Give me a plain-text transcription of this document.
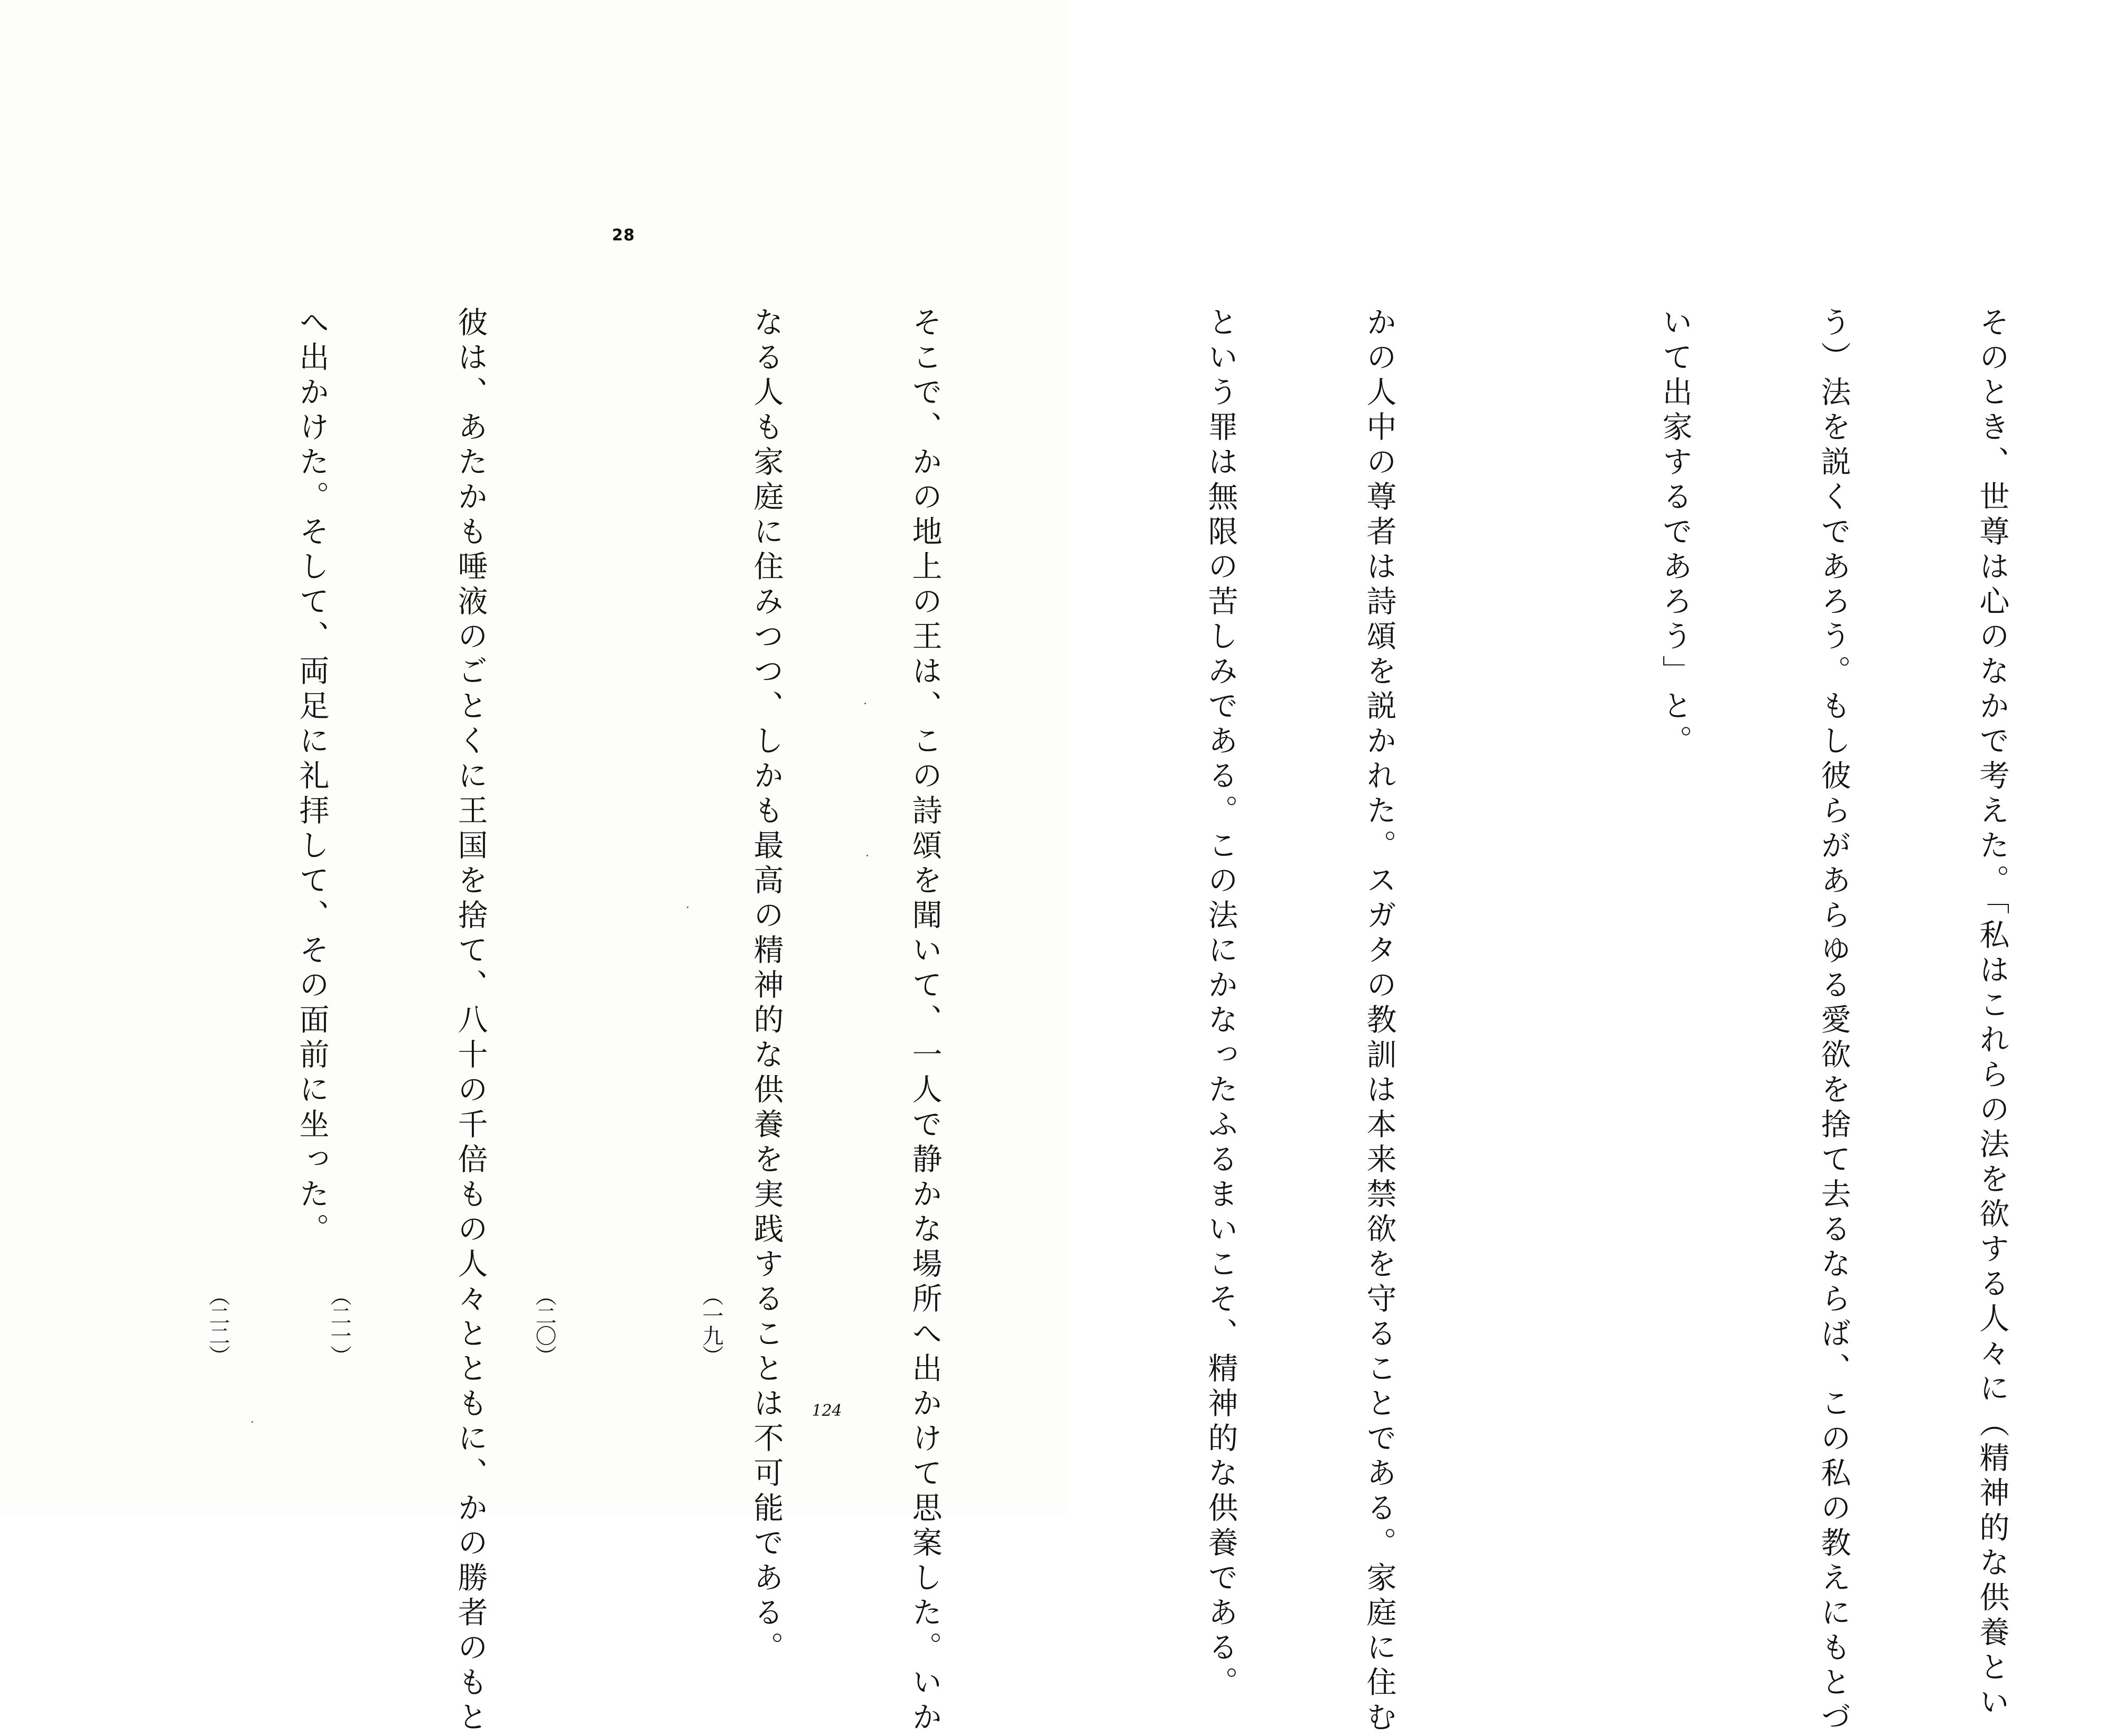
28

そのとき、世尊は心のなかで考えた。「私はこれらの法を欲する人々に（精神的な供養とい

う）法を説くであろう。もし彼らがあらゆる愛欲を捨て去るならば、この私の教えにもとづ

いて出家するであろう」と。

かの人中の尊者は詩頌を説かれた。スガタの教訓は本来禁欲を守ることである。家庭に住む

という罪は無限の苦しみである。この法にかなったふるまいこそ、精神的な供養である。

そこで、かの地上の王は、この詩頌を聞いて、一人で静かな場所へ出かけて思案した。いか

なる人も家庭に住みつつ、しかも最高の精神的な供養を実践することは不可能である。

彼は、あたかも唾液のごとくに王国を捨て、八十の千倍もの人々とともに、かの勝者のもと

へ出かけた。そして、両足に礼拝して、その面前に坐った。

（一九）
（二〇）
（二一）
（二二）
124
